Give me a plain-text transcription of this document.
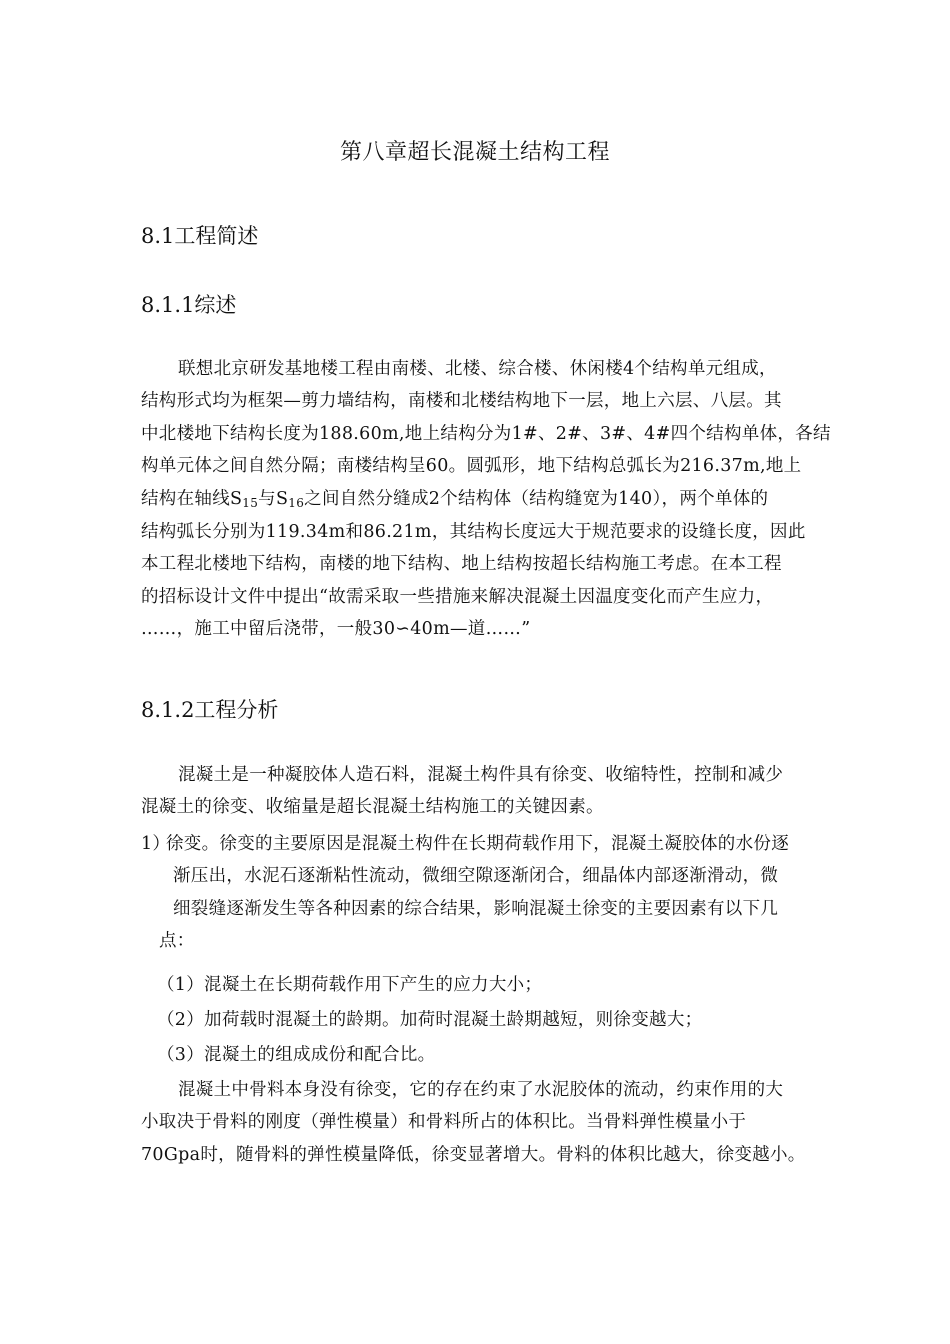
第八章超长混凝土结构工程
8.1工程简述
8.1.1综述

联想北京研发基地楼工程由南楼、北楼、综合楼、休闲楼4个结构单元组成，

结构形式均为框架—剪力墙结构，南楼和北楼结构地下一层，地上六层、八层。其

中北楼地下结构长度为188.60m,地上结构分为1#、2#、3#、4#四个结构单体，各结

构单元体之间自然分隔；南楼结构呈60。圆弧形，地下结构总弧长为216.37m,地上

结构在轴线$S_{15}$与$S_{16}$之间自然分缝成2个结构体（结构缝宽为140），两个单体的

结构弧长分别为119.34m和86.21m，其结构长度远大于规范要求的设缝长度，因此

本工程北楼地下结构，南楼的地下结构、地上结构按超长结构施工考虑。在本工程

的招标设计文件中提出“故需采取一些措施来解决混凝土因温度变化而产生应力，

……，施工中留后浇带，一般30∽40m—道……”

8.1.2工程分析

混凝土是一种凝胶体人造石料，混凝土构件具有徐变、收缩特性，控制和减少

混凝土的徐变、收缩量是超长混凝土结构施工的关键因素。

1）
徐变。徐变的主要原因是混凝土构件在长期荷载作用下，混凝土凝胶体的水份逐
渐压出，水泥石逐渐粘性流动，微细空隙逐渐闭合，细晶体内部逐渐滑动，微
细裂缝逐渐发生等各种因素的综合结果，影响混凝土徐变的主要因素有以下几
点：
（1）混凝土在长期荷载作用下产生的应力大小；
（2）加荷载时混凝土的龄期。加荷时混凝土龄期越短，则徐变越大；
（3）混凝土的组成成份和配合比。

混凝土中骨料本身没有徐变，它的存在约束了水泥胶体的流动，约束作用的大

小取决于骨料的刚度（弹性模量）和骨料所占的体积比。当骨料弹性模量小于

70Gpa时，随骨料的弹性模量降低，徐变显著增大。骨料的体积比越大，徐变越小。
